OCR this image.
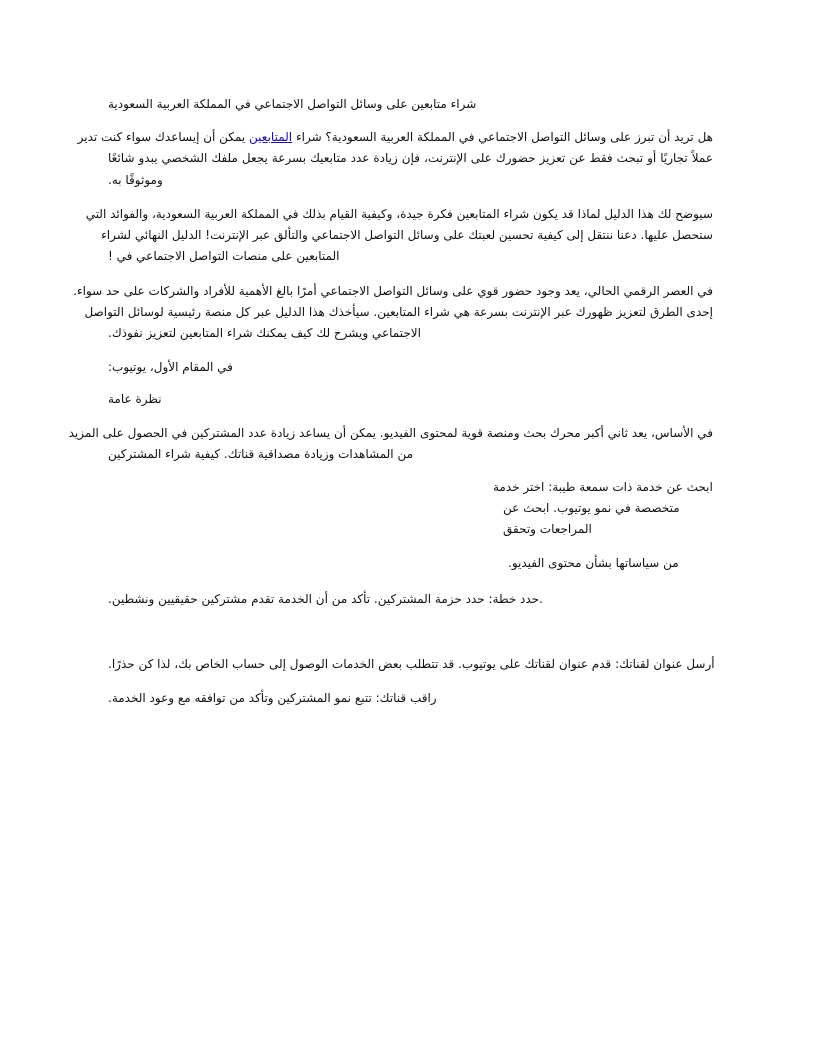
شراء متابعين على وسائل التواصل الاجتماعي في المملكة العربية السعودية
هل تريد أن تبرز على وسائل التواصل الاجتماعي في المملكة العربية السعودية؟ شراء المتابعين يمكن أن إيساعدك سواء كنت تدير
عملاً تجاريًا أو تبحث فقط عن تعزيز حضورك على الإنترنت، فإن زيادة عدد متابعيك بسرعة يجعل ملفك الشخصي يبدو شائعًا
وموثوقًا به.
سيوضح لك هذا الدليل لماذا قد يكون شراء المتابعين فكرة جيدة، وكيفية القيام بذلك في المملكة العربية السعودية، والفوائد التي
ستحصل عليها. دعنا ننتقل إلى كيفية تحسين لعبتك على وسائل التواصل الاجتماعي والتألق عبر الإنترنت! الدليل النهائي لشراء
المتابعين على منصات التواصل الاجتماعي في !
في العصر الرقمي الحالي، يعد وجود حضور قوي على وسائل التواصل الاجتماعي أمرًا بالغ الأهمية للأفراد والشركات على حد سواء.
إحدى الطرق لتعزيز ظهورك عبر الإنترنت بسرعة هي شراء المتابعين. سيأخذك هذا الدليل عبر كل منصة رئيسية لوسائل التواصل
الاجتماعي ويشرح لك كيف يمكنك شراء المتابعين لتعزيز نفوذك.
في المقام الأول، يوتيوب:
نظرة عامة
في الأساس، يعد ثاني أكبر محرك بحث ومنصة قوية لمحتوى الفيديو. يمكن أن يساعد زيادة عدد المشتركين في الحصول على المزيد
من المشاهدات وزيادة مصداقية قناتك. كيفية شراء المشتركين
ابحث عن خدمة ذات سمعة طيبة: اختر خدمة
متخصصة في نمو يوتيوب. ابحث عن
المراجعات وتحقق
من سياساتها بشأن محتوى الفيديو.
.حدد خطة: حدد حزمة المشتركين. تأكد من أن الخدمة تقدم مشتركين حقيقيين ونشطين.
أرسل عنوان لقناتك: قدم عنوان لقناتك على يوتيوب. قد تتطلب بعض الخدمات الوصول إلى حساب الخاص بك، لذا كن حذرًا.
راقب قناتك: تتبع نمو المشتركين وتأكد من توافقه مع وعود الخدمة.
